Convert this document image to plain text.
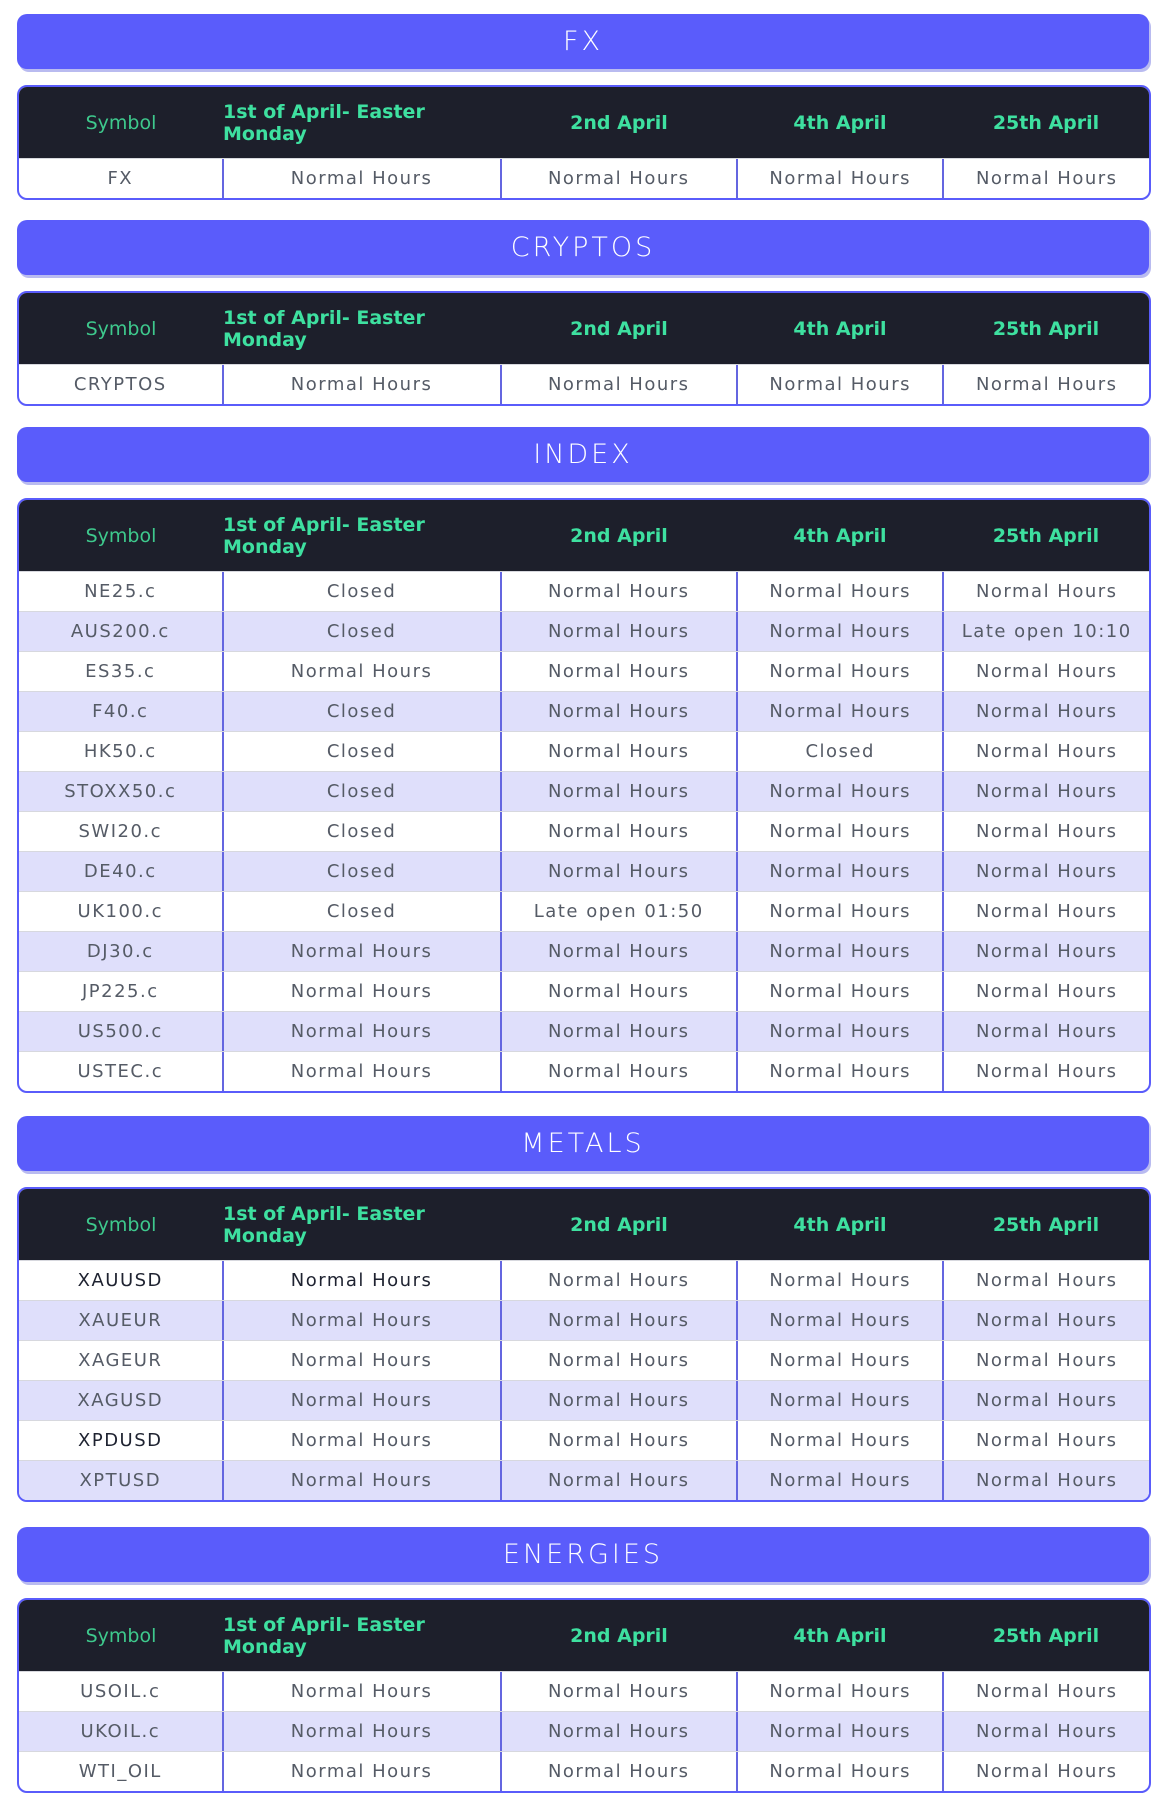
FX
Symbol	1st of April- Easter Monday	2nd April	4th April	25th April
FX	Normal Hours	Normal Hours	Normal Hours	Normal Hours
CRYPTOS
Symbol	1st of April- Easter Monday	2nd April	4th April	25th April
CRYPTOS	Normal Hours	Normal Hours	Normal Hours	Normal Hours
INDEX
Symbol	1st of April- Easter Monday	2nd April	4th April	25th April
NE25.c	Closed	Normal Hours	Normal Hours	Normal Hours
AUS200.c	Closed	Normal Hours	Normal Hours	Late open 10:10
ES35.c	Normal Hours	Normal Hours	Normal Hours	Normal Hours
F40.c	Closed	Normal Hours	Normal Hours	Normal Hours
HK50.c	Closed	Normal Hours	Closed	Normal Hours
STOXX50.c	Closed	Normal Hours	Normal Hours	Normal Hours
SWI20.c	Closed	Normal Hours	Normal Hours	Normal Hours
DE40.c	Closed	Normal Hours	Normal Hours	Normal Hours
UK100.c	Closed	Late open 01:50	Normal Hours	Normal Hours
DJ30.c	Normal Hours	Normal Hours	Normal Hours	Normal Hours
JP225.c	Normal Hours	Normal Hours	Normal Hours	Normal Hours
US500.c	Normal Hours	Normal Hours	Normal Hours	Normal Hours
USTEC.c	Normal Hours	Normal Hours	Normal Hours	Normal Hours
METALS
Symbol	1st of April- Easter Monday	2nd April	4th April	25th April
XAUUSD	Normal Hours	Normal Hours	Normal Hours	Normal Hours
XAUEUR	Normal Hours	Normal Hours	Normal Hours	Normal Hours
XAGEUR	Normal Hours	Normal Hours	Normal Hours	Normal Hours
XAGUSD	Normal Hours	Normal Hours	Normal Hours	Normal Hours
XPDUSD	Normal Hours	Normal Hours	Normal Hours	Normal Hours
XPTUSD	Normal Hours	Normal Hours	Normal Hours	Normal Hours
ENERGIES
Symbol	1st of April- Easter Monday	2nd April	4th April	25th April
USOIL.c	Normal Hours	Normal Hours	Normal Hours	Normal Hours
UKOIL.c	Normal Hours	Normal Hours	Normal Hours	Normal Hours
WTI_OIL	Normal Hours	Normal Hours	Normal Hours	Normal Hours
